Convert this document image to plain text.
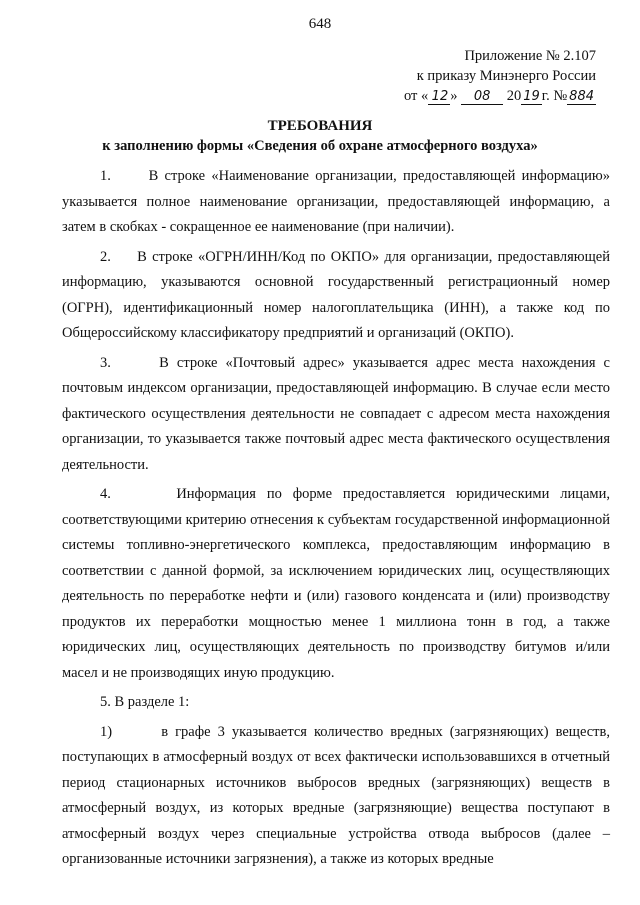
648
Приложение № 2.107
к приказу Минэнерго России
от « 12 » 08 20 19 г. № 884
ТРЕБОВАНИЯ
к заполнению формы «Сведения об охране атмосферного воздуха»

1.      В строке «Наименование организации, предоставляющей информацию» указывается полное наименование организации, предоставляющей информацию, а затем в скобках - сокращенное ее наименование (при наличии).

2.     В строке «ОГРН/ИНН/Код по ОКПО» для организации, предоставляющей информацию, указываются основной государственный регистрационный номер (ОГРН), идентификационный номер налогоплательщика (ИНН), а также код по Общероссийскому классификатору предприятий и организаций (ОКПО).

3.      В строке «Почтовый адрес» указывается адрес места нахождения с почтовым индексом организации, предоставляющей информацию. В случае если место фактического осуществления деятельности не совпадает с адресом места нахождения организации, то указывается также почтовый адрес места фактического осуществления деятельности.

4.      Информация по форме предоставляется юридическими лицами, соответствующими критерию отнесения к субъектам государственной информационной системы топливно-энергетического комплекса, предоставляющим информацию в соответствии с данной формой, за исключением юридических лиц, осуществляющих деятельность по переработке нефти и (или) газового конденсата и (или) производству продуктов их переработки мощностью менее 1 миллиона тонн в год, а также юридических лиц, осуществляющих деятельность по производству битумов и/или масел и не производящих иную продукцию.

5. В разделе 1:

1)       в графе 3 указывается количество вредных (загрязняющих) веществ, поступающих в атмосферный воздух от всех фактически использовавшихся в отчетный период стационарных источников выбросов вредных (загрязняющих) веществ в атмосферный воздух, из которых вредные (загрязняющие) вещества поступают в атмосферный воздух через специальные устройства отвода выбросов (далее – организованные источники загрязнения), а также из которых вредные
